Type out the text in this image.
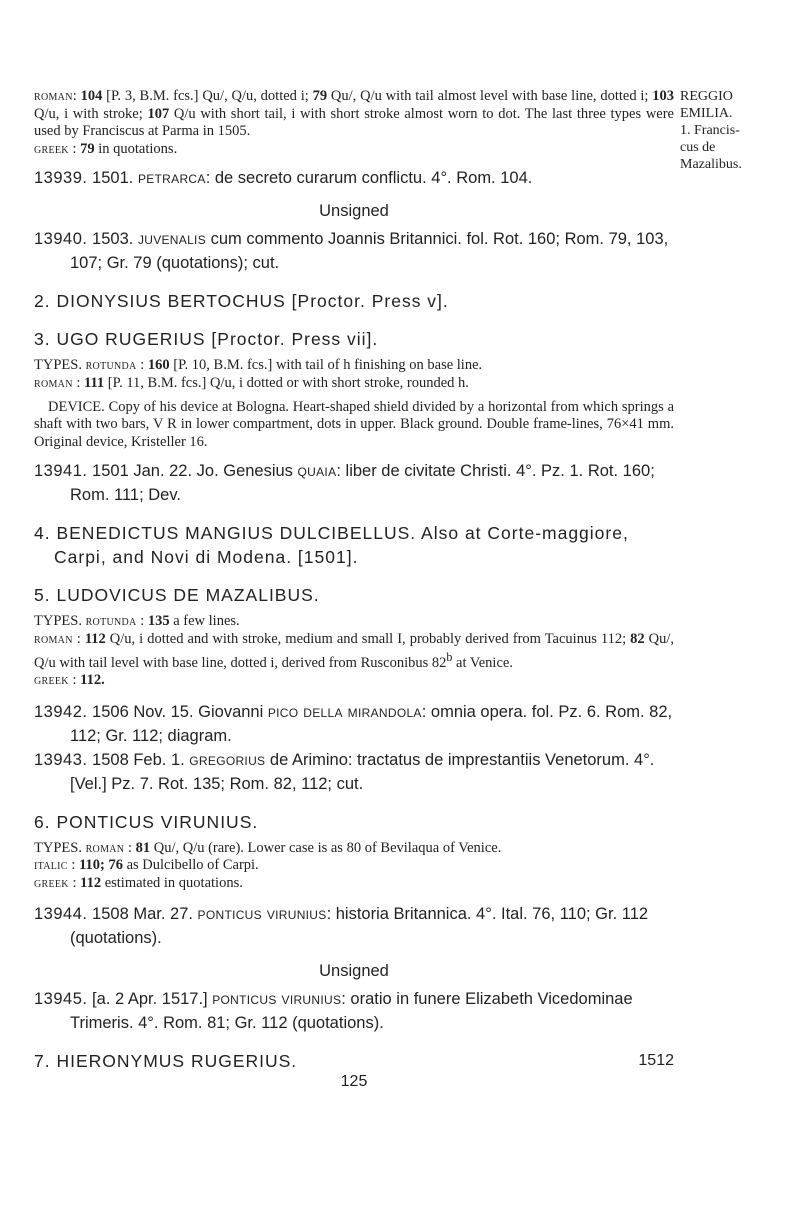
REGGIO
EMILIA.
1. Francis-
cus de
Mazalibus.

roman: 104 [P. 3, B.M. fcs.] Qu/, Q/u, dotted i; 79 Qu/, Q/u with tail almost level with base line, dotted i; 103 Q/u, i with stroke; 107 Q/u with short tail, i with short stroke almost worn to dot. The last three types were used by Franciscus at Parma in 1505.
greek : 79 in quotations.

13939. 1501. petrarca: de secreto curarum conflictu. 4°. Rom. 104.

Unsigned

13940. 1503. juvenalis cum commento Joannis Britannici. fol. Rot. 160; Rom. 79, 103, 107; Gr. 79 (quotations); cut.

2. DIONYSIUS BERTOCHUS [Proctor. Press v].

3. UGO RUGERIUS [Proctor. Press vii].

TYPES. rotunda : 160 [P. 10, B.M. fcs.] with tail of h finishing on base line.
roman : 111 [P. 11, B.M. fcs.] Q/u, i dotted or with short stroke, rounded h.

DEVICE. Copy of his device at Bologna. Heart-shaped shield divided by a horizontal from which springs a shaft with two bars, V R in lower compartment, dots in upper. Black ground. Double frame-lines, 76×41 mm. Original device, Kristeller 16.

13941. 1501 Jan. 22. Jo. Genesius quaia: liber de civitate Christi. 4°. Pz. 1. Rot. 160; Rom. 111; Dev.

4. BENEDICTUS MANGIUS DULCIBELLUS. Also at Corte-maggiore, Carpi, and Novi di Modena. [1501].

5. LUDOVICUS DE MAZALIBUS.

TYPES. rotunda : 135 a few lines.
roman : 112 Q/u, i dotted and with stroke, medium and small I, probably derived from Tacuinus 112; 82 Qu/, Q/u with tail level with base line, dotted i, derived from Rusconibus 82$^b$ at Venice.
greek : 112.

13942. 1506 Nov. 15. Giovanni pico della mirandola: omnia opera. fol. Pz. 6. Rom. 82, 112; Gr. 112; diagram.

13943. 1508 Feb. 1. gregorius de Arimino: tractatus de imprestantiis Venetorum. 4°. [Vel.] Pz. 7. Rot. 135; Rom. 82, 112; cut.

6. PONTICUS VIRUNIUS.

TYPES. roman : 81 Qu/, Q/u (rare). Lower case is as 80 of Bevilaqua of Venice.
italic : 110; 76 as Dulcibello of Carpi.
greek : 112 estimated in quotations.

13944. 1508 Mar. 27. ponticus virunius: historia Britannica. 4°. Ital. 76, 110; Gr. 112 (quotations).

Unsigned

13945. [a. 2 Apr. 1517.] ponticus virunius: oratio in funere Elizabeth Vicedominae Trimeris. 4°. Rom. 81; Gr. 112 (quotations).

7. HIERONYMUS RUGERIUS.	1512

125
